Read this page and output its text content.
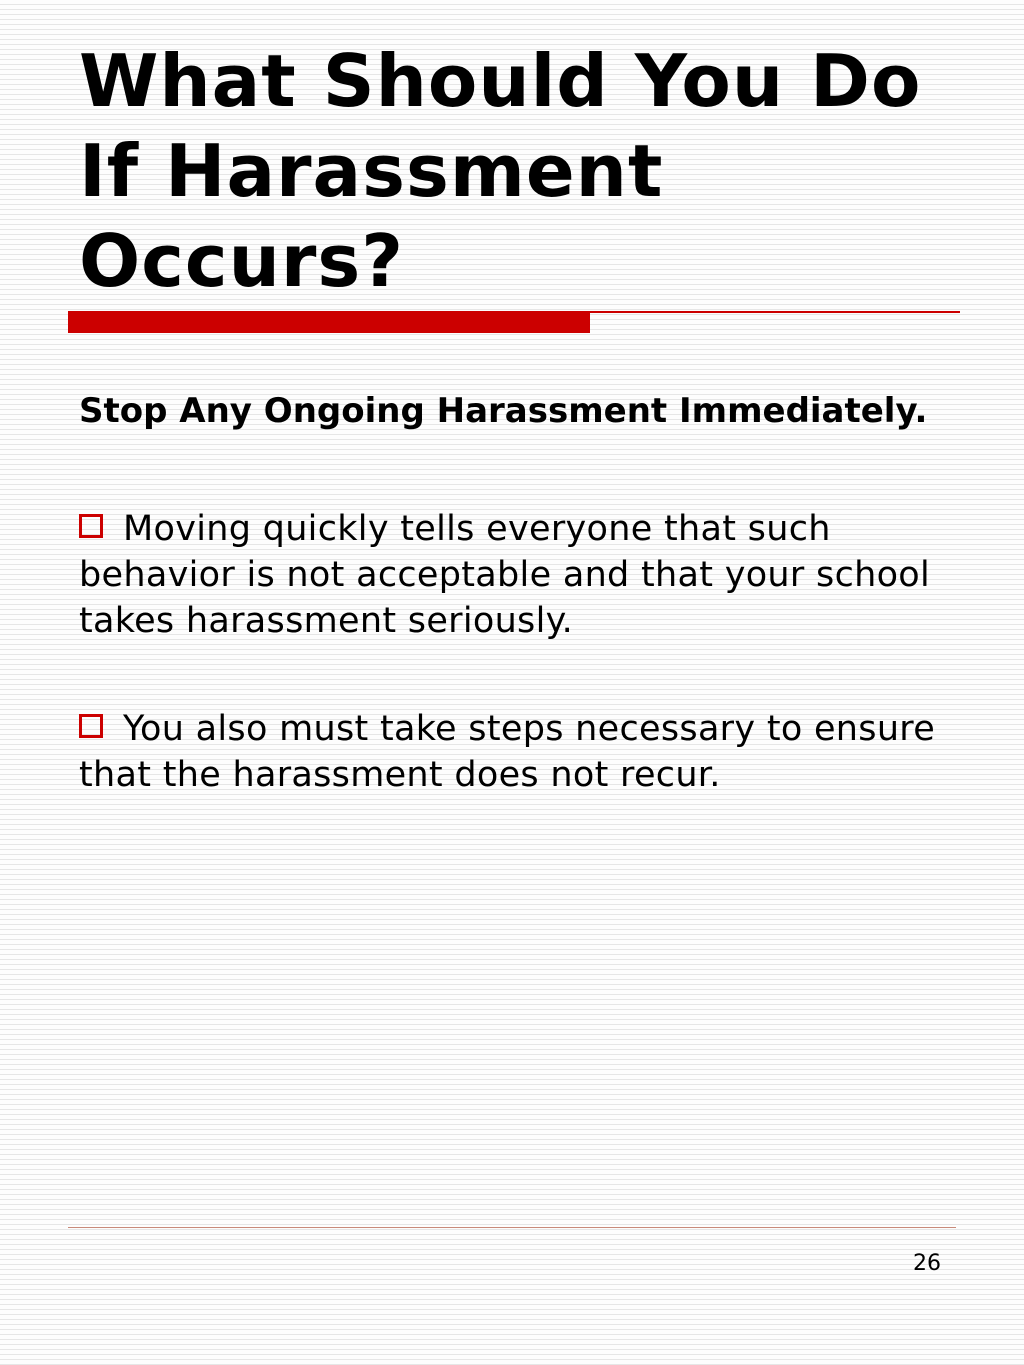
What Should You Do If Harassment Occurs?

Stop Any Ongoing Harassment Immediately.

Moving quickly tells everyone that such behavior is not acceptable and that your school takes harassment seriously.

You also must take steps necessary to ensure that the harassment does not recur.

26
